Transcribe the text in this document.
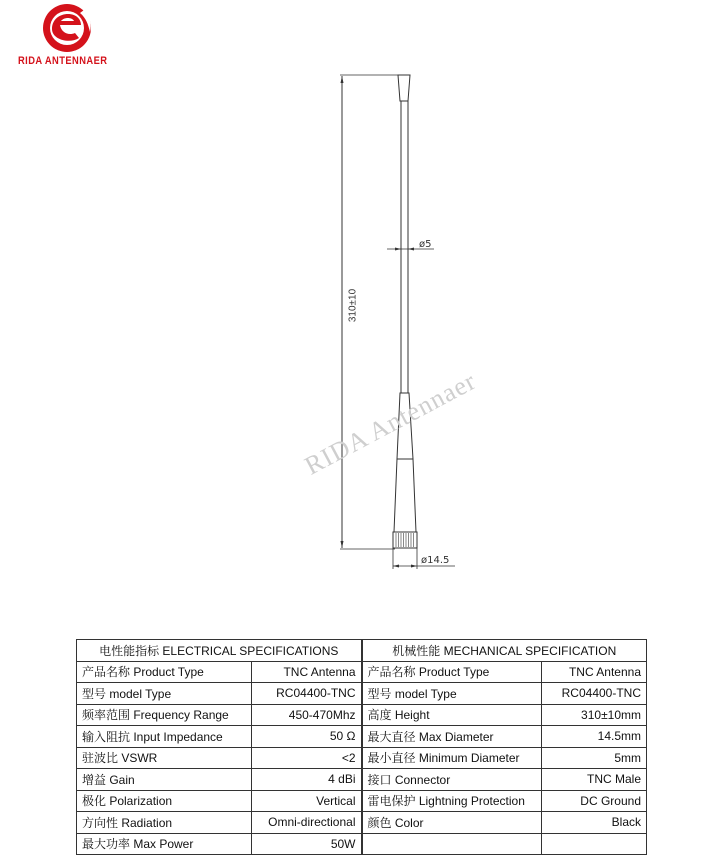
RIDA ANTENNAER
RIDA Antennaer
ø5
ø14.5
310±10
电性能指标 ELECTRICAL SPECIFICATIONS		机械性能 MECHANICAL SPECIFICATION	
产品名称 Product Type	TNC Antenna	产品名称 Product Type	TNC Antenna
型号 model Type	RC04400-TNC	型号 model Type	RC04400-TNC
频率范围 Frequency Range	450-470Mhz	高度 Height	310±10mm
输入阻抗 Input Impedance	50 Ω	最大直径 Max Diameter	14.5mm
驻波比 VSWR	<2	最小直径 Minimum Diameter	5mm
增益 Gain	4 dBi	接口 Connector	TNC Male
极化 Polarization	Vertical	雷电保护 Lightning Protection	DC Ground
方向性 Radiation	Omni-directional	颜色 Color	Black
最大功率 Max Power	50W		
